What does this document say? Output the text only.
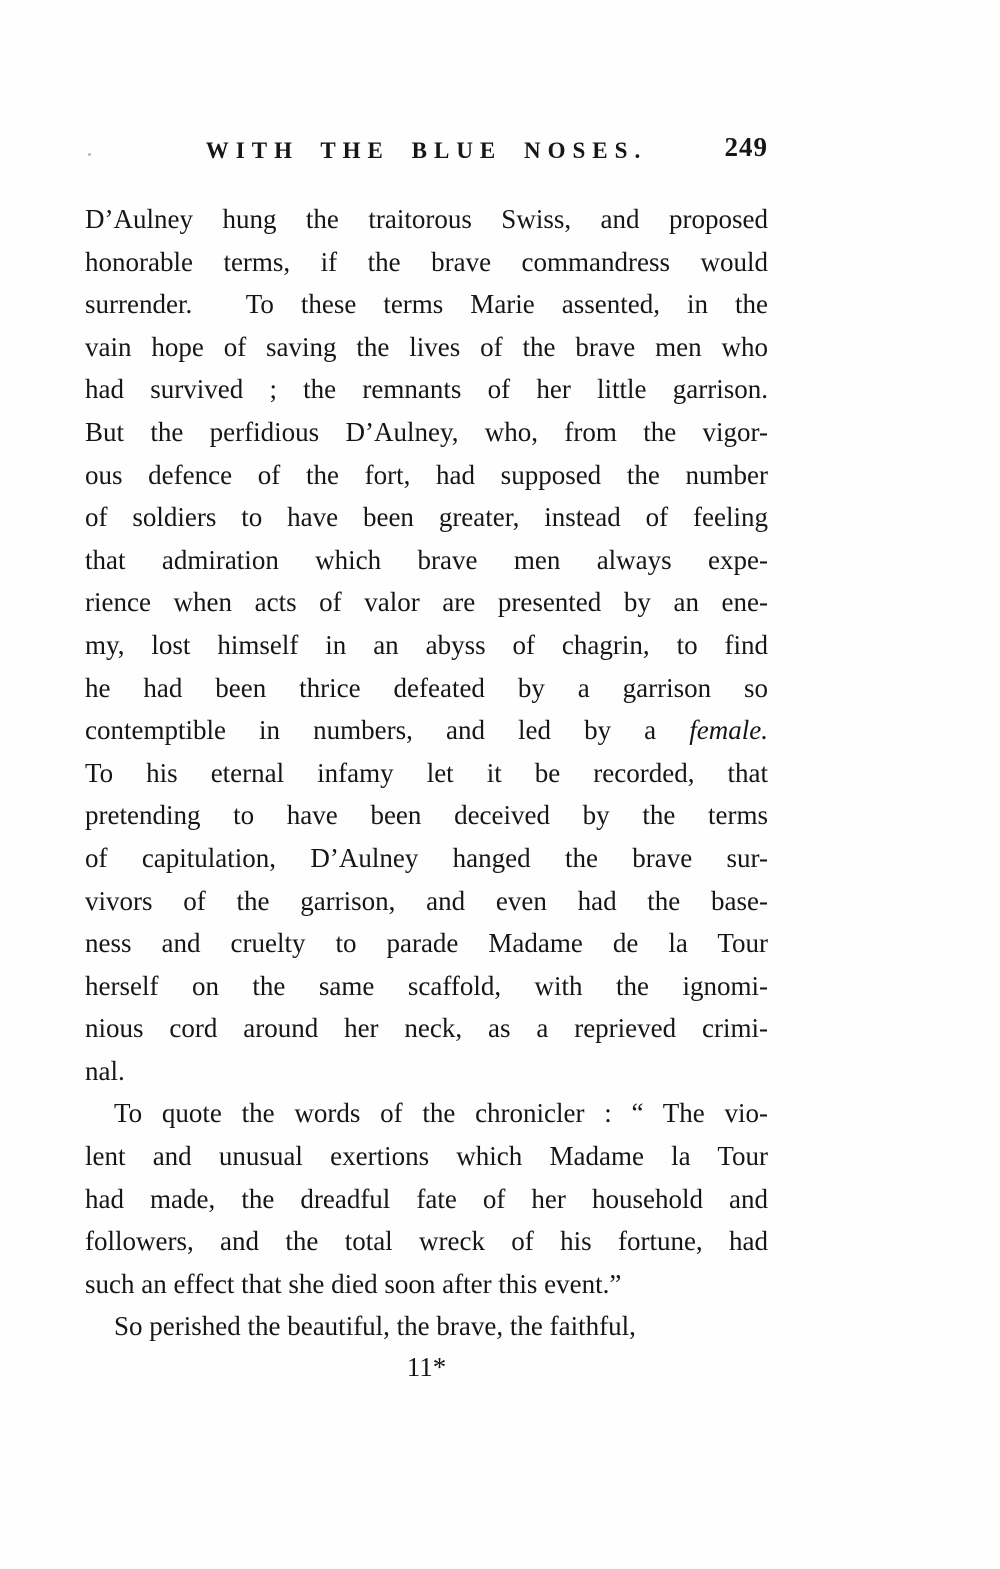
WITH THE BLUE NOSES.	249
D’Aulney hung the traitorous Swiss, and proposed
honorable terms, if the brave commandress would
surrender.  To these terms Marie assented, in the
vain hope of saving the lives of the brave men who
had survived ; the remnants of her little garrison.
But the perfidious D’Aulney, who, from the vigor-
ous defence of the fort, had supposed the number
of soldiers to have been greater, instead of feeling
that admiration which brave men always expe-
rience when acts of valor are presented by an ene-
my, lost himself in an abyss of chagrin, to find
he had been thrice defeated by a garrison so
contemptible in numbers, and led by a female.
To his eternal infamy let it be recorded, that
pretending to have been deceived by the terms
of capitulation, D’Aulney hanged the brave sur-
vivors of the garrison, and even had the base-
ness and cruelty to parade Madame de la Tour
herself on the same scaffold, with the ignomi-
nious cord around her neck, as a reprieved crimi-
nal.
To quote the words of the chronicler : “ The vio-
lent and unusual exertions which Madame la Tour
had made, the dreadful fate of her household and
followers, and the total wreck of his fortune, had
such an effect that she died soon after this event.”
So perished the beautiful, the brave, the faithful,
11*
